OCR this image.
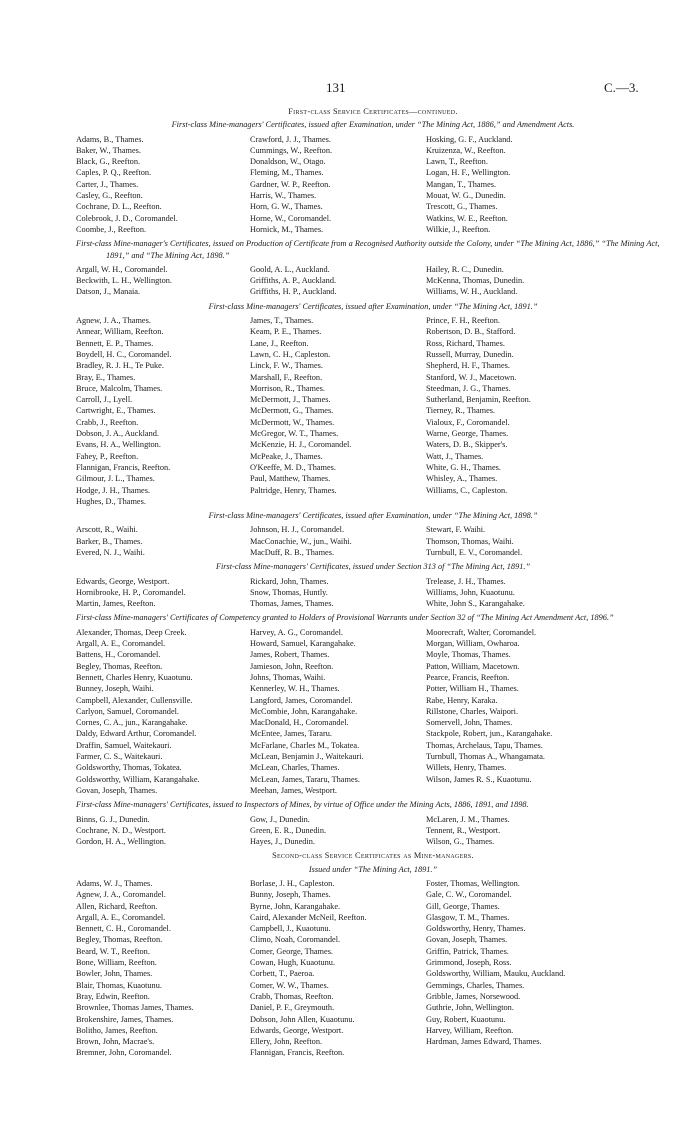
131	C.—3.
First-class Service Certificates—continued.
First-class Mine-managers' Certificates, issued after Examination, under “The Mining Act, 1886,” and Amendment Acts.
Adams, B., Thames.
Baker, W., Thames.
Black, G., Reefton.
Caples, P. Q., Reefton.
Carter, J., Thames.
Casley, G., Reefton.
Cochrane, D. L., Reefton.
Colebrook, J. D., Coromandel.
Coombe, J., Reefton.
Crawford, J. J., Thames.
Cummings, W., Reefton.
Donaldson, W., Otago.
Fleming, M., Thames.
Gardner, W. P., Reefton.
Harris, W., Thames.
Horn, G. W., Thames.
Horne, W., Coromandel.
Hornick, M., Thames.
Hosking, G. F., Auckland.
Kruizenza, W., Reefton.
Lawn, T., Reefton.
Logan, H. F., Wellington.
Mangan, T., Thames.
Mouat, W. G., Dunedin.
Trescott, G., Thames.
Watkins, W. E., Reefton.
Wilkie, J., Reefton.
First-class Mine-manager's Certificates, issued on Production of Certificate from a Recognised Authority outside the Colony, under “The Mining Act, 1886,” “The Mining Act, 1891,” and “The Mining Act, 1898.”
Argall, W. H., Coromandel.
Beckwith, L. H., Wellington.
Datson, J., Manaia.
Goold, A. L., Auckland.
Griffiths, A. P., Auckland.
Griffiths, H. P., Auckland.
Hailey, R. C., Dunedin.
McKenna, Thomas, Dunedin.
Williams, W. H., Auckland.
First-class Mine-managers' Certificates, issued after Examination, under “The Mining Act, 1891.”
Agnew, J. A., Thames.
Annear, William, Reefton.
Bennett, E. P., Thames.
Boydell, H. C., Coromandel.
Bradley, R. J. H., Te Puke.
Bray, E., Thames.
Bruce, Malcolm, Thames.
Carroll, J., Lyell.
Cartwright, E., Thames.
Crabb, J., Reefton.
Dobson, J. A., Auckland.
Evans, H. A., Wellington.
Fahey, P., Reefton.
Flannigan, Francis, Reefton.
Gilmour, J. L., Thames.
Hodge, J. H., Thames.
Hughes, D., Thames.
James, T., Thames.
Keam, P. E., Thames.
Lane, J., Reefton.
Lawn, C. H., Capleston.
Linck, F. W., Thames.
Marshall, F., Reefton.
Morrison, R., Thames.
McDermott, J., Thames.
McDermott, G., Thames.
McDermott, W., Thames.
McGregor, W. T., Thames.
McKenzie, H. J., Coromandel.
McPeake, J., Thames.
O'Keeffe, M. D., Thames.
Paul, Matthew, Thames.
Paltridge, Henry, Thames.
Prince, F. H., Reefton.
Robertson, D. B., Stafford.
Ross, Richard, Thames.
Russell, Murray, Dunedin.
Shepherd, H. F., Thames.
Stanford, W. J., Macetown.
Steedman, J. G., Thames.
Sutherland, Benjamin, Reefton.
Tierney, R., Thames.
Vialoux, F., Coromandel.
Warne, George, Thames.
Waters, D. B., Skipper's.
Watt, J., Thames.
White, G. H., Thames.
Whisley, A., Thames.
Williams, C., Capleston.
First-class Mine-managers' Certificates, issued after Examination, under “The Mining Act, 1898.”
Arscott, R., Waihi.
Barker, B., Thames.
Evered, N. J., Waihi.
Johnson, H. J., Coromandel.
MacConachie, W., jun., Waihi.
MacDuff, R. B., Thames.
Stewart, F. Waihi.
Thomson, Thomas, Waihi.
Turnbull, E. V., Coromandel.
First-class Mine-managers' Certificates, issued under Section 313 of “The Mining Act, 1891.”
Edwards, George, Westport.
Hornibrooke, H. P., Coromandel.
Martin, James, Reefton.
Rickard, John, Thames.
Snow, Thomas, Huntly.
Thomas, James, Thames.
Trelease, J. H., Thames.
Williams, John, Kuaotunu.
White, John S., Karangahake.
First-class Mine-managers' Certificates of Competency granted to Holders of Provisional Warrants under Section 32 of “The Mining Act Amendment Act, 1896.”
Alexander, Thomas, Deep Creek.
Argall, A. E., Coromandel.
Battens, H., Coromandel.
Begley, Thomas, Reefton.
Bennett, Charles Henry, Kuaotunu.
Bunney, Joseph, Waihi.
Campbell, Alexander, Cullensville.
Carlyon, Samuel, Coromandel.
Cornes, C. A., jun., Karangahake.
Daldy, Edward Arthur, Coromandel.
Draffin, Samuel, Waitekauri.
Farmer, C. S., Waitekauri.
Goldsworthy, Thomas, Tokatea.
Goldsworthy, William, Karangahake.
Govan, Joseph, Thames.
Harvey, A. G., Coromandel.
Howard, Samuel, Karangahake.
James, Robert, Thames.
Jamieson, John, Reefton.
Johns, Thomas, Waihi.
Kennerley, W. H., Thames.
Langford, James, Coromandel.
McCombie, John, Karangahake.
MacDonald, H., Coromandel.
McEntee, James, Tararu.
McFarlane, Charles M., Tokatea.
McLean, Benjamin J., Waitekauri.
McLean, Charles, Thames.
McLean, James, Tararu, Thames.
Meehan, James, Westport.
Moorecraft, Walter, Coromandel.
Morgan, William, Owharoa.
Moyle, Thomas, Thames.
Patton, William, Macetown.
Pearce, Francis, Reefton.
Potter, William H., Thames.
Rabe, Henry, Karaka.
Rillstone, Charles, Waipori.
Somervell, John, Thames.
Stackpole, Robert, jun., Karangahake.
Thomas, Archelaus, Tapu, Thames.
Turnbull, Thomas A., Whangamata.
Willets, Henry, Thames.
Wilson, James R. S., Kuaotunu.
First-class Mine-managers' Certificates, issued to Inspectors of Mines, by virtue of Office under the Mining Acts, 1886, 1891, and 1898.
Binns, G. J., Dunedin.
Cochrane, N. D., Westport.
Gordon, H. A., Wellington.
Gow, J., Dunedin.
Green, E. R., Dunedin.
Hayes, J., Dunedin.
McLaren, J. M., Thames.
Tennent, R., Westport.
Wilson, G., Thames.
Second-class Service Certificates as Mine-managers.
Issued under “The Mining Act, 1891.”
Adams, W. J., Thames.
Agnew, J. A., Coromandel.
Allen, Richard, Reefton.
Argall, A. E., Coromandel.
Bennett, C. H., Coromandel.
Begley, Thomas, Reefton.
Beard, W. T., Reefton.
Bone, William, Reefton.
Bowler, John, Thames.
Blair, Thomas, Kuaotunu.
Bray, Edwin, Reefton.
Brownlee, Thomas James, Thames.
Brokenshire, James, Thames.
Bolitho, James, Reefton.
Brown, John, Macrae's.
Bremner, John, Coromandel.
Borlase, J. H., Capleston.
Bunny, Joseph, Thames.
Byrne, John, Karangahake.
Caird, Alexander McNeil, Reefton.
Campbell, J., Kuaotunu.
Climo, Noah, Coromandel.
Comer, George, Thames.
Cowan, Hugh, Kuaotunu.
Corbett, T., Paeroa.
Comer, W. W., Thames.
Crabb, Thomas, Reefton.
Daniel, P. F., Greymouth.
Dobson, John Allen, Kuaotunu.
Edwards, George, Westport.
Ellery, John, Reefton.
Flannigan, Francis, Reefton.
Foster, Thomas, Wellington.
Gale, C. W., Coromandel.
Gill, George, Thames.
Glasgow, T. M., Thames.
Goldsworthy, Henry, Thames.
Govan, Joseph, Thames.
Griffin, Patrick, Thames.
Grimmond, Joseph, Ross.
Goldsworthy, William, Mauku, Auckland.
Gemmings, Charles, Thames.
Gribble, James, Norsewood.
Guthrie, John, Wellington.
Guy, Robert, Kuaotunu.
Harvey, William, Reefton.
Hardman, James Edward, Thames.
